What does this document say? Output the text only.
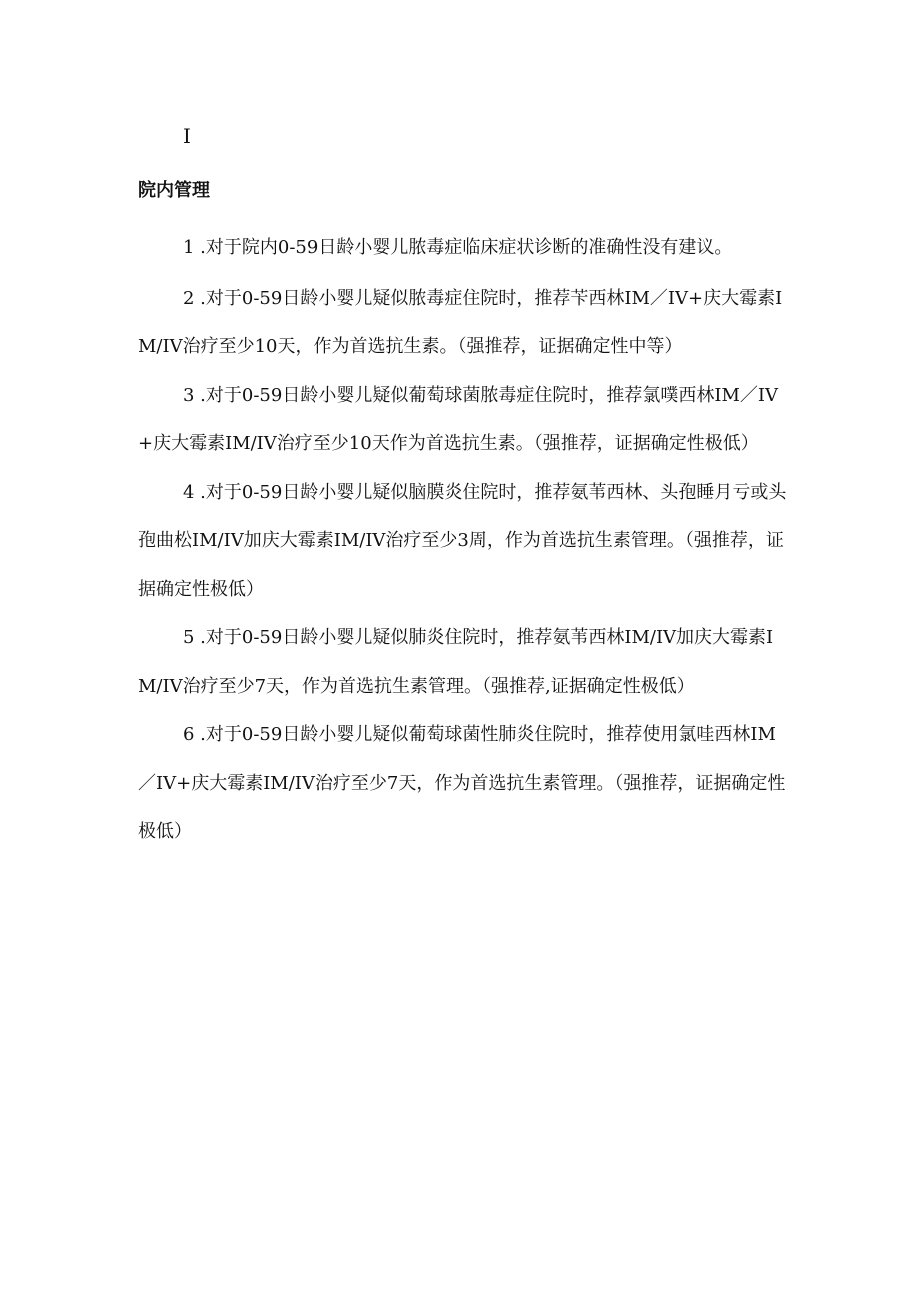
I
院内管理

1 .对于院内0-59日龄小婴儿脓毒症临床症状诊断的准确性没有建议。

2 .对于0-59日龄小婴儿疑似脓毒症住院时，推荐苄西林IM／IV+庆大霉素IM/IV治疗至少10天，作为首选抗生素。（强推荐，证据确定性中等）

3 .对于0-59日龄小婴儿疑似葡萄球菌脓毒症住院时，推荐氯噗西林IM／IV+庆大霉素IM/IV治疗至少10天作为首选抗生素。（强推荐，证据确定性极低）

4 .对于0-59日龄小婴儿疑似脑膜炎住院时，推荐氨苇西林、头孢睡月亏或头孢曲松IM/IV加庆大霉素IM/IV治疗至少3周，作为首选抗生素管理。（强推荐，证据确定性极低）

5 .对于0-59日龄小婴儿疑似肺炎住院时，推荐氨苇西林IM/IV加庆大霉素IM/IV治疗至少7天，作为首选抗生素管理。（强推荐,证据确定性极低）

6 .对于0-59日龄小婴儿疑似葡萄球菌性肺炎住院时，推荐使用氯哇西林IM／IV+庆大霉素IM/IV治疗至少7天，作为首选抗生素管理。（强推荐，证据确定性极低）
